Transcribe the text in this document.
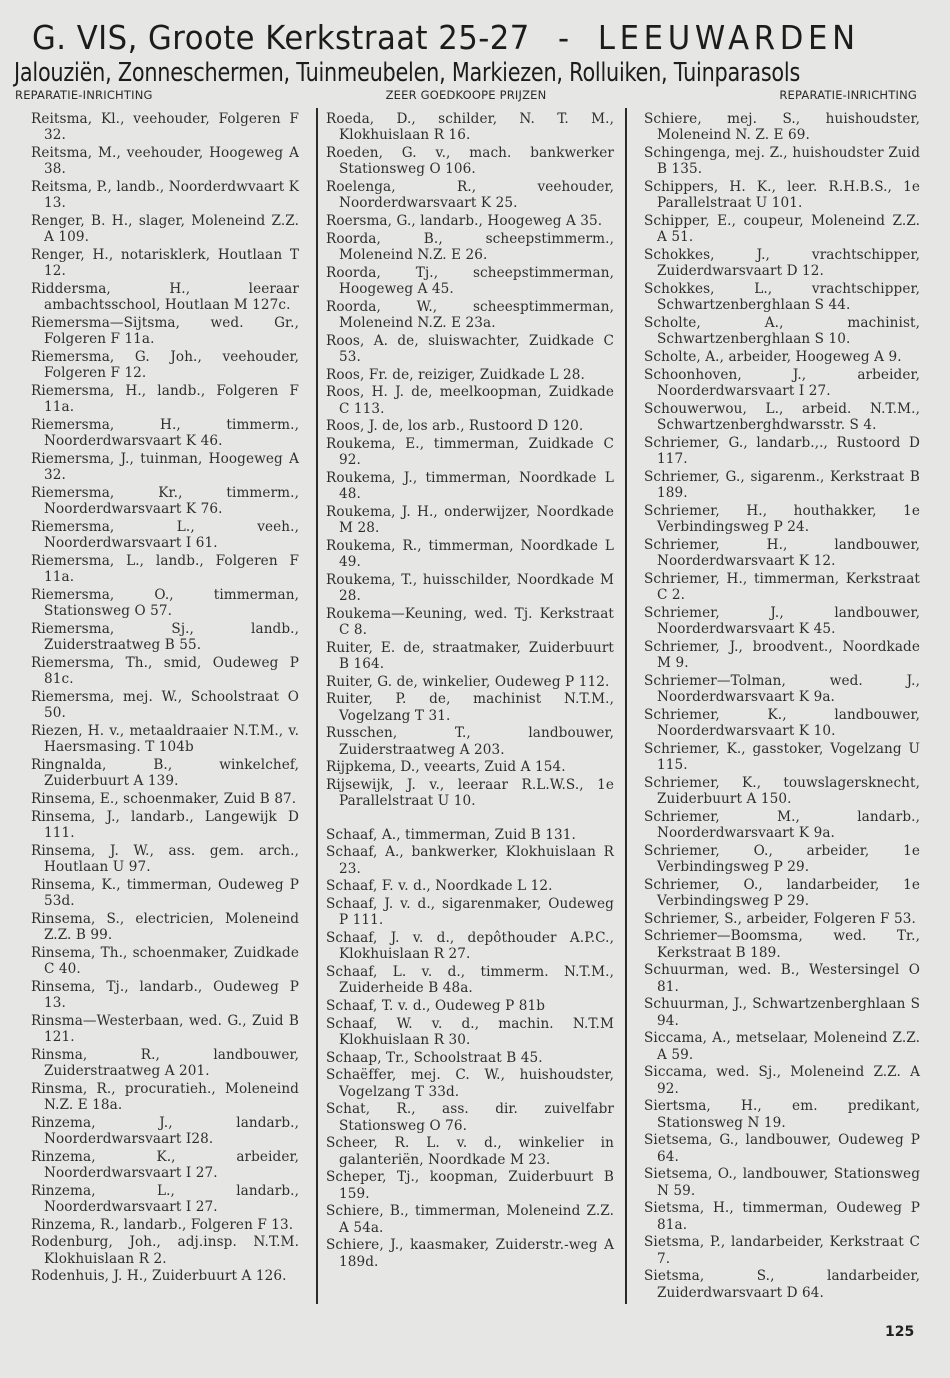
G. VIS, Groote Kerkstraat 25-27 - LEEUWARDEN
Jalouziën, Zonneschermen, Tuinmeubelen, Markiezen, Rolluiken, Tuinparasols
REPARATIE-INRICHTING	ZEER GOEDKOOPE PRIJZEN	REPARATIE-INRICHTING
Reitsma, Kl., veehouder, Folgeren F 32.
Reitsma, M., veehouder, Hoogeweg A 38.
Reitsma, P., landb., Noorderdwvaart K 13.
Renger, B. H., slager, Moleneind Z.Z. A 109.
Renger, H., notarisklerk, Houtlaan T 12.
Riddersma, H., leeraar ambachtsschool, Houtlaan M 127c.
Riemersma—Sijtsma, wed. Gr., Folgeren F 11a.
Riemersma, G. Joh., veehouder, Folgeren F 12.
Riemersma, H., landb., Folgeren F 11a.
Riemersma, H., timmerm., Noorderdwarsvaart K 46.
Riemersma, J., tuinman, Hoogeweg A 32.
Riemersma, Kr., timmerm., Noorderdwarsvaart K 76.
Riemersma, L., veeh., Noorderdwarsvaart I 61.
Riemersma, L., landb., Folgeren F 11a.
Riemersma, O., timmerman, Stationsweg O 57.
Riemersma, Sj., landb., Zuiderstraatweg B 55.
Riemersma, Th., smid, Oudeweg P 81c.
Riemersma, mej. W., Schoolstraat O 50.
Riezen, H. v., metaaldraaier N.T.M., v. Haersmasing. T 104b
Ringnalda, B., winkelchef, Zuiderbuurt A 139.
Rinsema, E., schoenmaker, Zuid B 87.
Rinsema, J., landarb., Langewijk D 111.
Rinsema, J. W., ass. gem. arch., Houtlaan U 97.
Rinsema, K., timmerman, Oudeweg P 53d.
Rinsema, S., electricien, Moleneind Z.Z. B 99.
Rinsema, Th., schoenmaker, Zuidkade C 40.
Rinsema, Tj., landarb., Oudeweg P 13.
Rinsma—Westerbaan, wed. G., Zuid B 121.
Rinsma, R., landbouwer, Zuiderstraatweg A 201.
Rinsma, R., procuratieh., Moleneind N.Z. E 18a.
Rinzema, J., landarb., Noorderdwarsvaart I28.
Rinzema, K., arbeider, Noorderdwarsvaart I 27.
Rinzema, L., landarb., Noorderdwarsvaart I 27.
Rinzema, R., landarb., Folgeren F 13.
Rodenburg, Joh., adj.insp. N.T.M. Klokhuislaan R 2.
Rodenhuis, J. H., Zuiderbuurt A 126.
Roeda, D., schilder, N. T. M., Klokhuislaan R 16.
Roeden, G. v., mach. bankwerker Stationsweg O 106.
Roelenga, R., veehouder, Noorderdwarsvaart K 25.
Roersma, G., landarb., Hoogeweg A 35.
Roorda, B., scheepstimmerm., Moleneind N.Z. E 26.
Roorda, Tj., scheepstimmerman, Hoogeweg A 45.
Roorda, W., scheesptimmerman, Moleneind N.Z. E 23a.
Roos, A. de, sluiswachter, Zuidkade C 53.
Roos, Fr. de, reiziger, Zuidkade L 28.
Roos, H. J. de, meelkoopman, Zuidkade C 113.
Roos, J. de, los arb., Rustoord D 120.
Roukema, E., timmerman, Zuidkade C 92.
Roukema, J., timmerman, Noordkade L 48.
Roukema, J. H., onderwijzer, Noordkade M 28.
Roukema, R., timmerman, Noordkade L 49.
Roukema, T., huisschilder, Noordkade M 28.
Roukema—Keuning, wed. Tj. Kerkstraat C 8.
Ruiter, E. de, straatmaker, Zuiderbuurt B 164.
Ruiter, G. de, winkelier, Oudeweg P 112.
Ruiter, P. de, machinist N.T.M., Vogelzang T 31.
Russchen, T., landbouwer, Zuiderstraatweg A 203.
Rijpkema, D., veearts, Zuid A 154.
Rijsewijk, J. v., leeraar R.L.W.S., 1e Parallelstraat U 10.
Schaaf, A., timmerman, Zuid B 131.
Schaaf, A., bankwerker, Klokhuislaan R 23.
Schaaf, F. v. d., Noordkade L 12.
Schaaf, J. v. d., sigarenmaker, Oudeweg P 111.
Schaaf, J. v. d., depôthouder A.P.C., Klokhuislaan R 27.
Schaaf, L. v. d., timmerm. N.T.M., Zuiderheide B 48a.
Schaaf, T. v. d., Oudeweg P 81b
Schaaf, W. v. d., machin. N.T.M Klokhuislaan R 30.
Schaap, Tr., Schoolstraat B 45.
Schaëffer, mej. C. W., huishoudster, Vogelzang T 33d.
Schat, R., ass. dir. zuivelfabr Stationsweg O 76.
Scheer, R. L. v. d., winkelier in galanteriën, Noordkade M 23.
Scheper, Tj., koopman, Zuiderbuurt B 159.
Schiere, B., timmerman, Moleneind Z.Z. A 54a.
Schiere, J., kaasmaker, Zuiderstr.-weg A 189d.
Schiere, mej. S., huishoudster, Moleneind N. Z. E 69.
Schingenga, mej. Z., huishoudster Zuid B 135.
Schippers, H. K., leer. R.H.B.S., 1e Parallelstraat U 101.
Schipper, E., coupeur, Moleneind Z.Z. A 51.
Schokkes, J., vrachtschipper, Zuiderdwarsvaart D 12.
Schokkes, L., vrachtschipper, Schwartzenberghlaan S 44.
Scholte, A., machinist, Schwartzenberghlaan S 10.
Scholte, A., arbeider, Hoogeweg A 9.
Schoonhoven, J., arbeider, Noorderdwarsvaart I 27.
Schouwerwou, L., arbeid. N.T.M., Schwartzenberghdwarsstr. S 4.
Schriemer, G., landarb.,., Rustoord D 117.
Schriemer, G., sigarenm., Kerkstraat B 189.
Schriemer, H., houthakker, 1e Verbindingsweg P 24.
Schriemer, H., landbouwer, Noorderdwarsvaart K 12.
Schriemer, H., timmerman, Kerkstraat C 2.
Schriemer, J., landbouwer, Noorderdwarsvaart K 45.
Schriemer, J., broodvent., Noordkade M 9.
Schriemer—Tolman, wed. J., Noorderdwarsvaart K 9a.
Schriemer, K., landbouwer, Noorderdwarsvaart K 10.
Schriemer, K., gasstoker, Vogelzang U 115.
Schriemer, K., touwslagersknecht, Zuiderbuurt A 150.
Schriemer, M., landarb., Noorderdwarsvaart K 9a.
Schriemer, O., arbeider, 1e Verbindingsweg P 29.
Schriemer, O., landarbeider, 1e Verbindingsweg P 29.
Schriemer, S., arbeider, Folgeren F 53.
Schriemer—Boomsma, wed. Tr., Kerkstraat B 189.
Schuurman, wed. B., Westersingel O 81.
Schuurman, J., Schwartzenberghlaan S 94.
Siccama, A., metselaar, Moleneind Z.Z. A 59.
Siccama, wed. Sj., Moleneind Z.Z. A 92.
Siertsma, H., em. predikant, Stationsweg N 19.
Sietsema, G., landbouwer, Oudeweg P 64.
Sietsema, O., landbouwer, Stationsweg N 59.
Sietsma, H., timmerman, Oudeweg P 81a.
Sietsma, P., landarbeider, Kerkstraat C 7.
Sietsma, S., landarbeider, Zuiderdwarsvaart D 64.
125
